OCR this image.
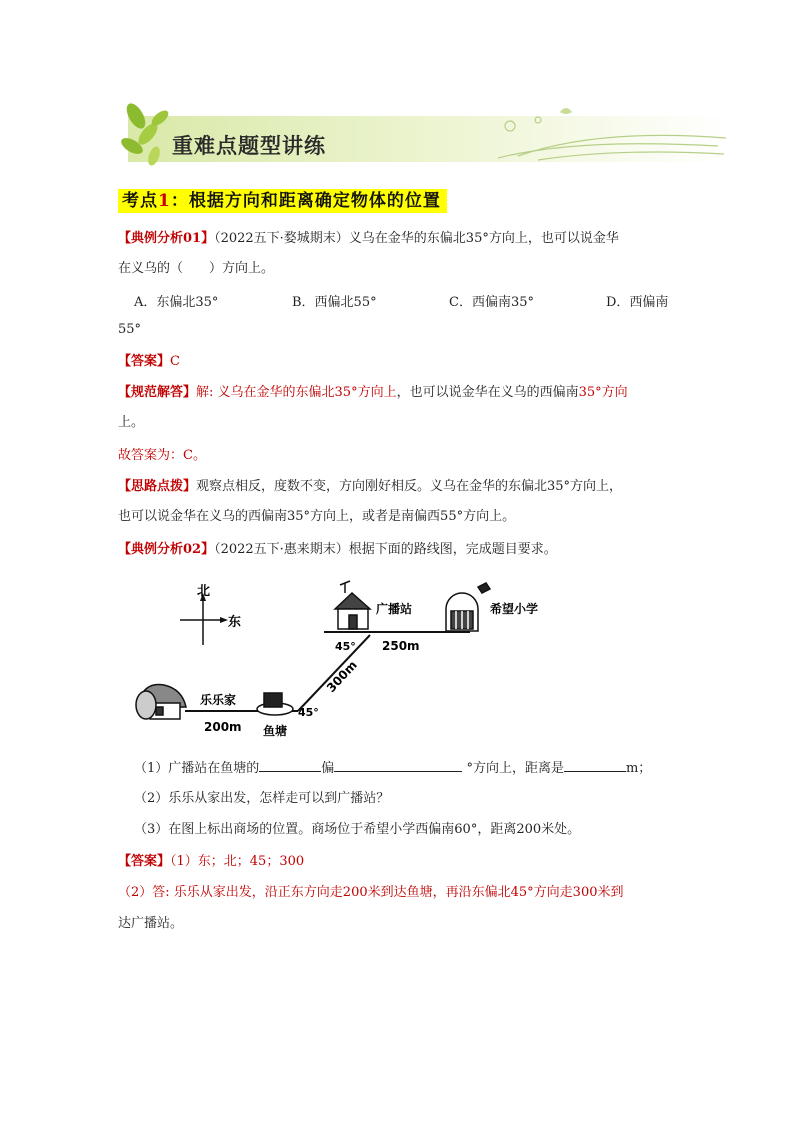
重难点题型讲练
考点1：根据方向和距离确定物体的位置
【典例分析01】（2022五下·婺城期末）义乌在金华的东偏北35°方向上，也可以说金华
在义乌的（　　）方向上。
A．东偏北35°	B．西偏北55°	C．西偏南35°	D．西偏南
55°
【答案】C
【规范解答】解: 义乌在金华的东偏北35°方向上，也可以说金华在义乌的西偏南35°方向
上。
故答案为：C。
【思路点拨】观察点相反，度数不变，方向刚好相反。义乌在金华的东偏北35°方向上，
也可以说金华在义乌的西偏南35°方向上，或者是南偏西55°方向上。
【典例分析02】（2022五下·惠来期末）根据下面的路线图，完成题目要求。
北
东
乐乐家
200m 鱼塘
45°
300m
广播站
45° 250m
希望小学
（1）广播站在鱼塘的	偏	°方向上，距离是	m；
（2）乐乐从家出发，怎样走可以到广播站？
（3）在图上标出商场的位置。商场位于希望小学西偏南60°，距离200米处。
【答案】（1）东；北；45；300
（2）答: 乐乐从家出发，沿正东方向走200米到达鱼塘，再沿东偏北45°方向走300米到
达广播站。
